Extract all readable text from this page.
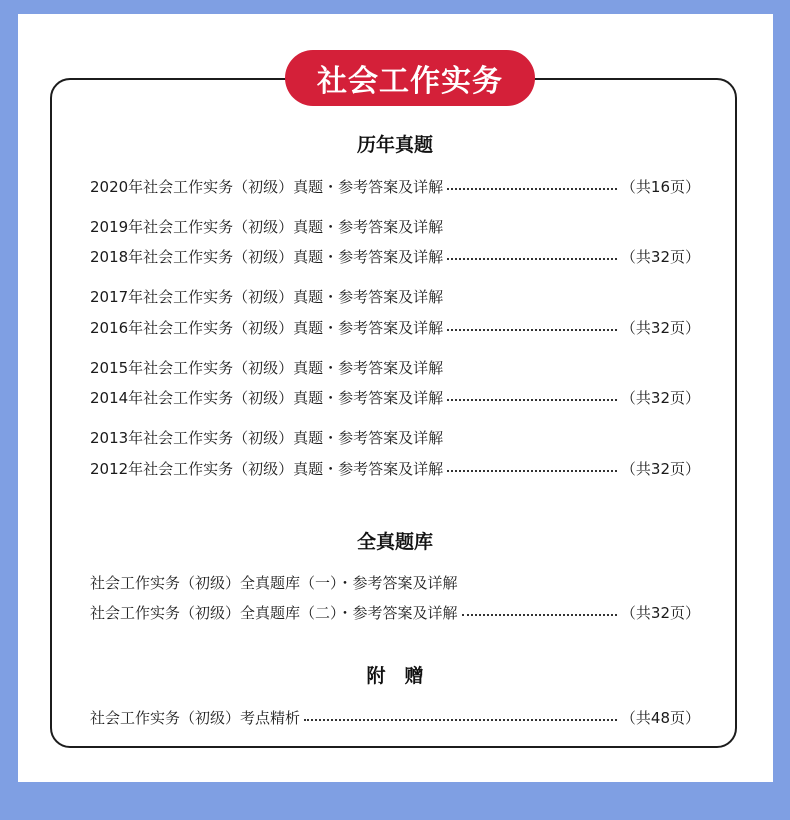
社会工作实务
历年真题
2020年社会工作实务（初级）真题・参考答案及详解	（共16页）
2019年社会工作实务（初级）真题・参考答案及详解
2018年社会工作实务（初级）真题・参考答案及详解	（共32页）
2017年社会工作实务（初级）真题・参考答案及详解
2016年社会工作实务（初级）真题・参考答案及详解	（共32页）
2015年社会工作实务（初级）真题・参考答案及详解
2014年社会工作实务（初级）真题・参考答案及详解	（共32页）
2013年社会工作实务（初级）真题・参考答案及详解
2012年社会工作实务（初级）真题・参考答案及详解	（共32页）
全真题库
社会工作实务（初级）全真题库（一）・参考答案及详解
社会工作实务（初级）全真题库（二）・参考答案及详解	（共32页）
附　赠
社会工作实务（初级）考点精析	（共48页）
